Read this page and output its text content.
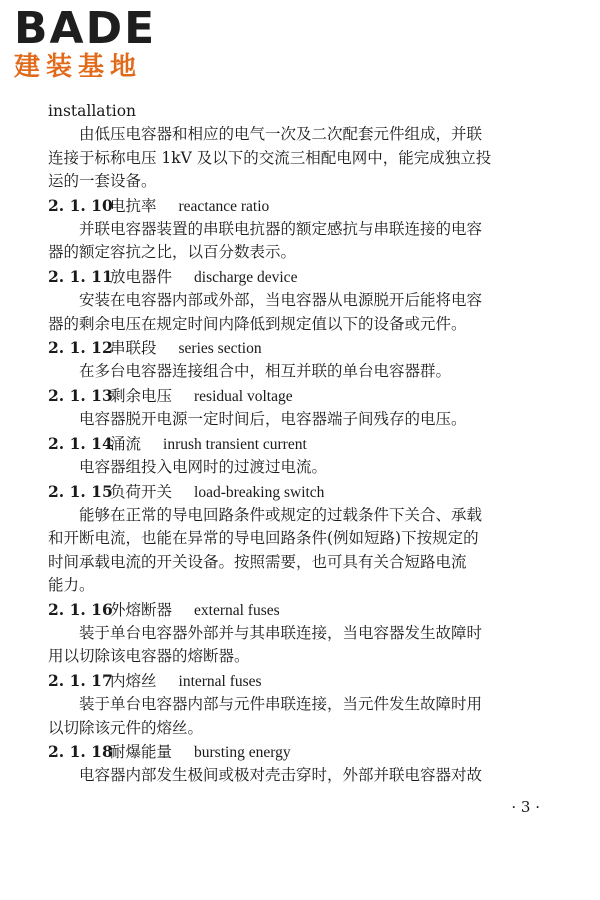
BADE
建装基地
installation
由低压电容器和相应的电气一次及二次配套元件组成，并联
连接于标称电压 1kV 及以下的交流三相配电网中，能完成独立投
运的一套设备。
2. 1. 10电抗率 reactance ratio
并联电容器装置的串联电抗器的额定感抗与串联连接的电容
器的额定容抗之比，以百分数表示。
2. 1. 11放电器件 discharge device
安装在电容器内部或外部，当电容器从电源脱开后能将电容
器的剩余电压在规定时间内降低到规定值以下的设备或元件。
2. 1. 12串联段 series section
在多台电容器连接组合中，相互并联的单台电容器群。
2. 1. 13剩余电压 residual voltage
电容器脱开电源一定时间后，电容器端子间残存的电压。
2. 1. 14涌流 inrush transient current
电容器组投入电网时的过渡过电流。
2. 1. 15负荷开关 load-breaking switch
能够在正常的导电回路条件或规定的过载条件下关合、承载
和开断电流，也能在异常的导电回路条件(例如短路)下按规定的
时间承载电流的开关设备。按照需要，也可具有关合短路电流
能力。
2. 1. 16外熔断器 external fuses
装于单台电容器外部并与其串联连接，当电容器发生故障时
用以切除该电容器的熔断器。
2. 1. 17内熔丝 internal fuses
装于单台电容器内部与元件串联连接，当元件发生故障时用
以切除该元件的熔丝。
2. 1. 18耐爆能量 bursting energy
电容器内部发生极间或极对壳击穿时，外部并联电容器对故
· 3 ·
